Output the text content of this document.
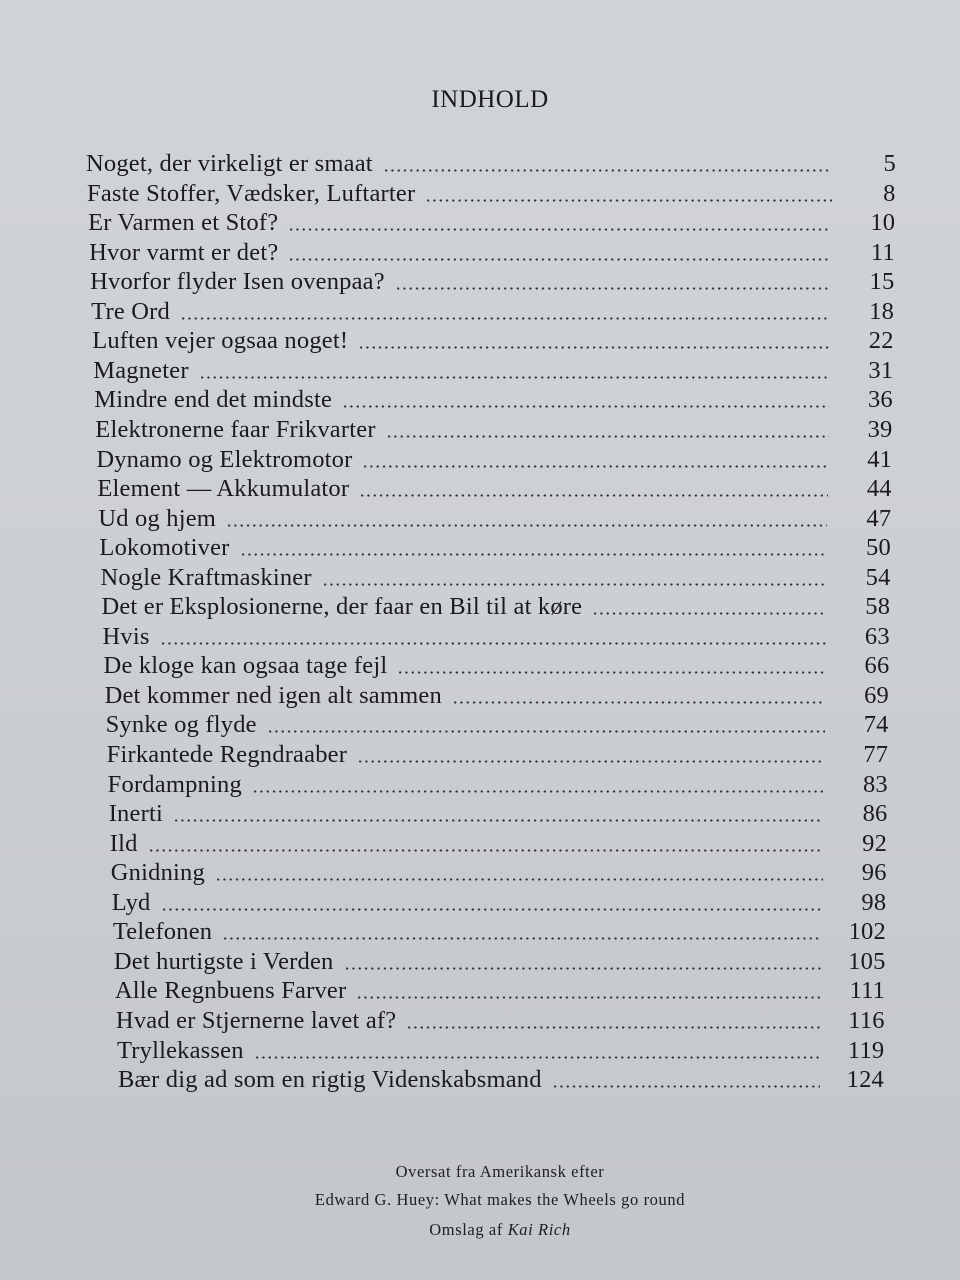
INDHOLD
Noget, der virkeligt er smaat	5
Faste Stoffer, Vædsker, Luftarter	8
Er Varmen et Stof?	10
Hvor varmt er det?	11
Hvorfor flyder Isen ovenpaa?	15
Tre Ord	18
Luften vejer ogsaa noget!	22
Magneter	31
Mindre end det mindste	36
Elektronerne faar Frikvarter	39
Dynamo og Elektromotor	41
Element — Akkumulator	44
Ud og hjem	47
Lokomotiver	50
Nogle Kraftmaskiner	54
Det er Eksplosionerne, der faar en Bil til at køre	58
Hvis	63
De kloge kan ogsaa tage fejl	66
Det kommer ned igen alt sammen	69
Synke og flyde	74
Firkantede Regndraaber	77
Fordampning	83
Inerti	86
Ild	92
Gnidning	96
Lyd	98
Telefonen	102
Det hurtigste i Verden	105
Alle Regnbuens Farver	111
Hvad er Stjernerne lavet af?	116
Tryllekassen	119
Bær dig ad som en rigtig Videnskabsmand	124
Oversat fra Amerikansk efter
Edward G. Huey: What makes the Wheels go round
Omslag af Kai Rich
